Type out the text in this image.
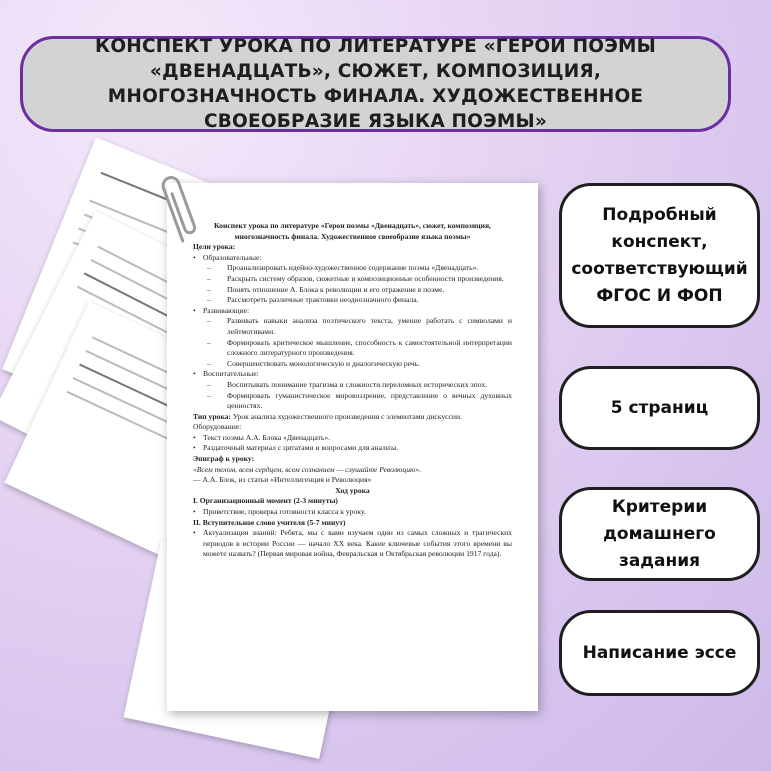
КОНСПЕКТ УРОКА ПО ЛИТЕРАТУРЕ «ГЕРОИ ПОЭМЫ «ДВЕНАДЦАТЬ», СЮЖЕТ, КОМПОЗИЦИЯ, МНОГОЗНАЧНОСТЬ ФИНАЛА. ХУДОЖЕСТВЕННОЕ СВОЕОБРАЗИЕ ЯЗЫКА ПОЭМЫ»
Конспект урока по литературе «Герои поэмы «Двенадцать», сюжет, композиция, многозначность финала. Художественное своеобразие языка поэмы»
Цели урока:
• Образовательные:
– Проанализировать идейно-художественное содержание поэмы «Двенадцать».
– Раскрыть систему образов, сюжетные и композиционные особенности произведения.
– Понять отношение А. Блока к революции и его отражение в поэме.
– Рассмотреть различные трактовки неоднозначного финала.
• Развивающие:
– Развивать навыки анализа поэтического текста, умение работать с символами и лейтмотивами.
– Формировать критическое мышление, способность к самостоятельной интерпретации сложного литературного произведения.
– Совершенствовать монологическую и диалогическую речь.
• Воспитательные:
– Воспитывать понимание трагизма и сложности переломных исторических эпох.
– Формировать гуманистическое мировоззрение, представление о вечных духовных ценностях.
Тип урока: Урок анализа художественного произведения с элементами дискуссии.
Оборудование:
• Текст поэмы А.А. Блока «Двенадцать».
• Раздаточный материал с цитатами и вопросами для анализа.
Эпиграф к уроку:
«Всем телом, всем сердцем, всем сознанием — слушайте Революцию».
— А.А. Блок, из статьи «Интеллигенция и Революция»
Ход урока
I. Организационный момент (2-3 минуты)
• Приветствие, проверка готовности класса к уроку.
II. Вступительное слово учителя (5-7 минут)
• Актуализация знаний: Ребята, мы с вами изучаем один из самых сложных и трагических периодов в истории России — начало XX века. Какие ключевые события этого времени вы можете назвать? (Первая мировая война, Февральская и Октябрьская революции 1917 года).
Подробный конспект, соответствующий ФГОС И ФОП
5 страниц
Критерии домашнего задания
Написание эссе
